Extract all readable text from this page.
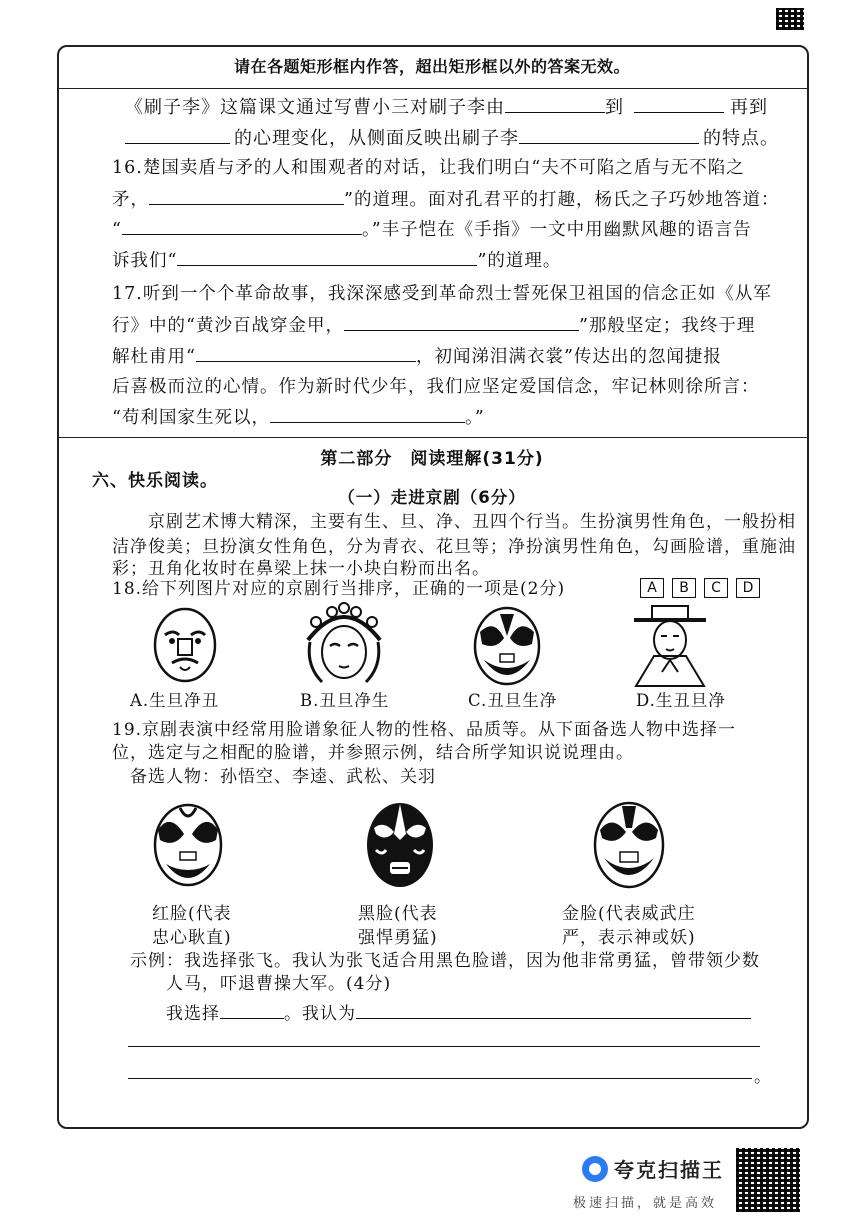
请在各题矩形框内作答，超出矩形框以外的答案无效。
《刷子李》这篇课文通过写曹小三对刷子李由	到	再到
的心理变化，从侧面反映出刷子李	的特点。
16.楚国卖盾与矛的人和围观者的对话，让我们明白“夫不可陷之盾与无不陷之
矛，	”的道理。面对孔君平的打趣，杨氏之子巧妙地答道：
“	。”丰子恺在《手指》一文中用幽默风趣的语言告
诉我们“	”的道理。
17.听到一个个革命故事，我深深感受到革命烈士誓死保卫祖国的信念正如《从军
行》中的“黄沙百战穿金甲，	”那般坚定；我终于理
解杜甫用“	，初闻涕泪满衣裳”传达出的忽闻捷报
后喜极而泣的心情。作为新时代少年，我们应坚定爱国信念，牢记林则徐所言：
“苟利国家生死以，	。”
第二部分　阅读理解(31分)
六、快乐阅读。
（一）走进京剧（6分）
京剧艺术博大精深，主要有生、旦、净、丑四个行当。生扮演男性角色，一般扮相
洁净俊美；旦扮演女性角色，分为青衣、花旦等；净扮演男性角色，勾画脸谱，重施油
彩；丑角化妆时在鼻梁上抹一小块白粉而出名。
18.给下列图片对应的京剧行当排序，正确的一项是(2分)	A	B	C	D
A.生旦净丑	B.丑旦净生	C.丑旦生净	D.生丑旦净
19.京剧表演中经常用脸谱象征人物的性格、品质等。从下面备选人物中选择一
位，选定与之相配的脸谱，并参照示例，结合所学知识说说理由。
备选人物：孙悟空、李逵、武松、关羽
红脸(代表
忠心耿直)
黑脸(代表
强悍勇猛)
金脸(代表威武庄
严，表示神或妖)
示例：我选择张飞。我认为张飞适合用黑色脸谱，因为他非常勇猛，曾带领少数
人马，吓退曹操大军。(4分)
我选择	。我认为
。
夸克扫描王
极速扫描，就是高效
